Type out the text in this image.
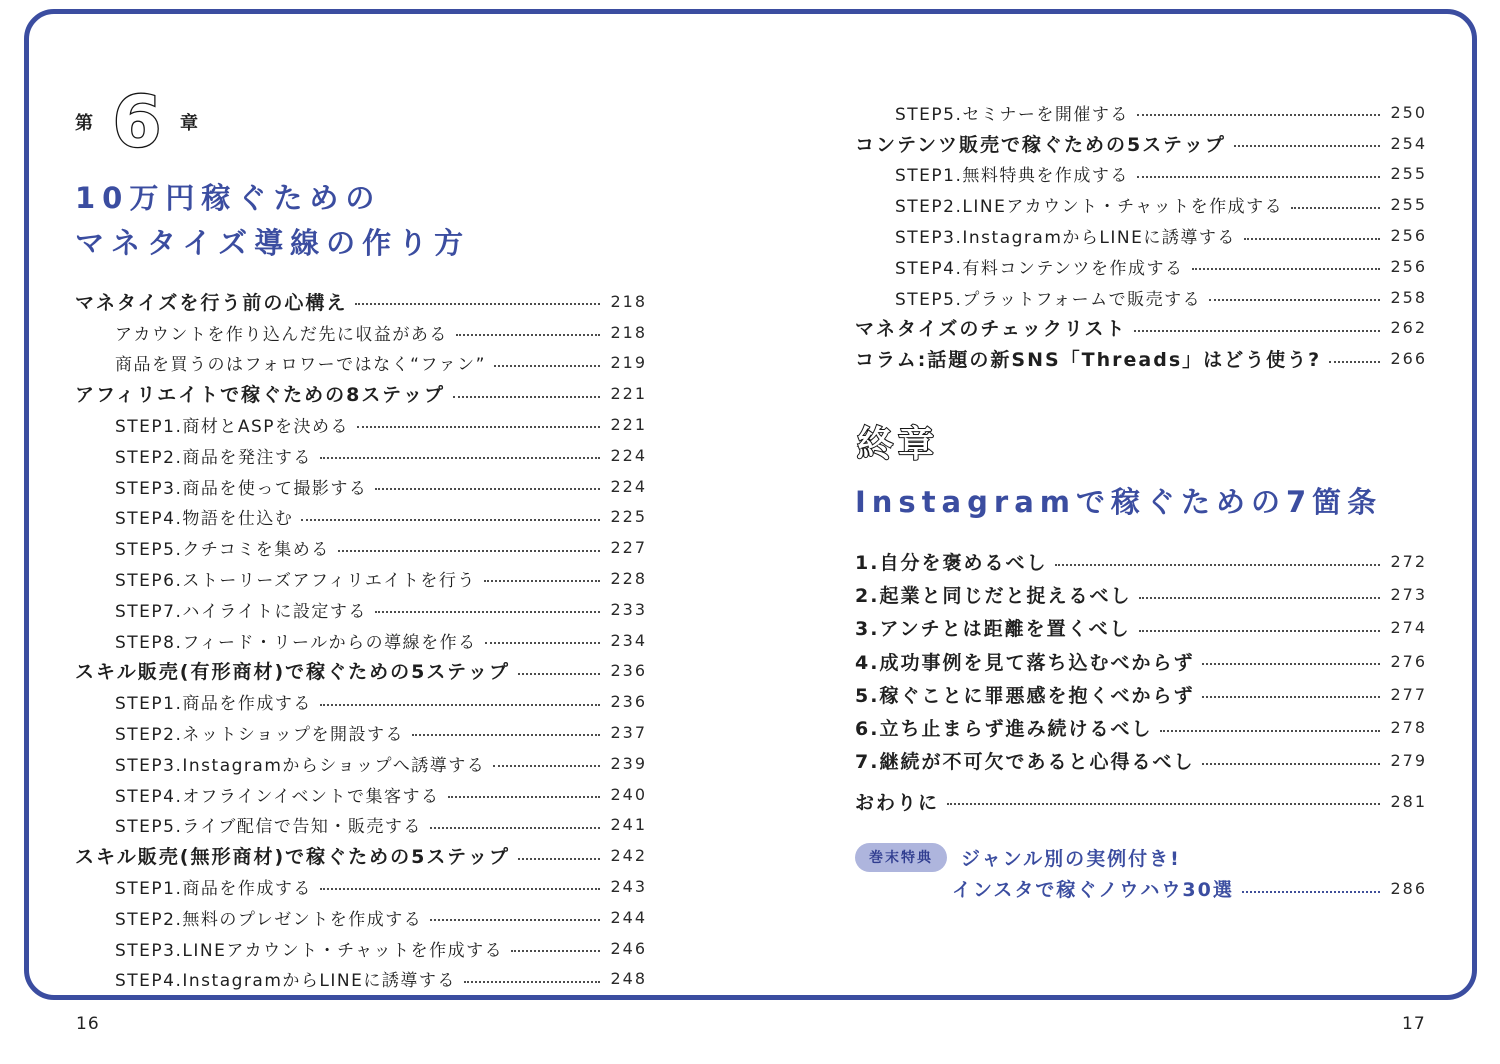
第 6 章
10万円稼ぐための
マネタイズ導線の作り方
マネタイズを行う前の心構え	218
アカウントを作り込んだ先に収益がある	218
商品を買うのはフォロワーではなく“ファン”	219
アフィリエイトで稼ぐための8ステップ	221
STEP1.商材とASPを決める	221
STEP2.商品を発注する	224
STEP3.商品を使って撮影する	224
STEP4.物語を仕込む	225
STEP5.クチコミを集める	227
STEP6.ストーリーズアフィリエイトを行う	228
STEP7.ハイライトに設定する	233
STEP8.フィード・リールからの導線を作る	234
スキル販売(有形商材)で稼ぐための5ステップ	236
STEP1.商品を作成する	236
STEP2.ネットショップを開設する	237
STEP3.Instagramからショップへ誘導する	239
STEP4.オフラインイベントで集客する	240
STEP5.ライブ配信で告知・販売する	241
スキル販売(無形商材)で稼ぐための5ステップ	242
STEP1.商品を作成する	243
STEP2.無料のプレゼントを作成する	244
STEP3.LINEアカウント・チャットを作成する	246
STEP4.InstagramからLINEに誘導する	248
STEP5.セミナーを開催する	250
コンテンツ販売で稼ぐための5ステップ	254
STEP1.無料特典を作成する	255
STEP2.LINEアカウント・チャットを作成する	255
STEP3.InstagramからLINEに誘導する	256
STEP4.有料コンテンツを作成する	256
STEP5.プラットフォームで販売する	258
マネタイズのチェックリスト	262
コラム:話題の新SNS「Threads」はどう使う?	266
終章
Instagramで稼ぐための7箇条
1.自分を褒めるべし	272
2.起業と同じだと捉えるべし	273
3.アンチとは距離を置くべし	274
4.成功事例を見て落ち込むべからず	276
5.稼ぐことに罪悪感を抱くべからず	277
6.立ち止まらず進み続けるべし	278
7.継続が不可欠であると心得るべし	279
おわりに	281
巻末特典	ジャンル別の実例付き!
インスタで稼ぐノウハウ30選	286
16	17
